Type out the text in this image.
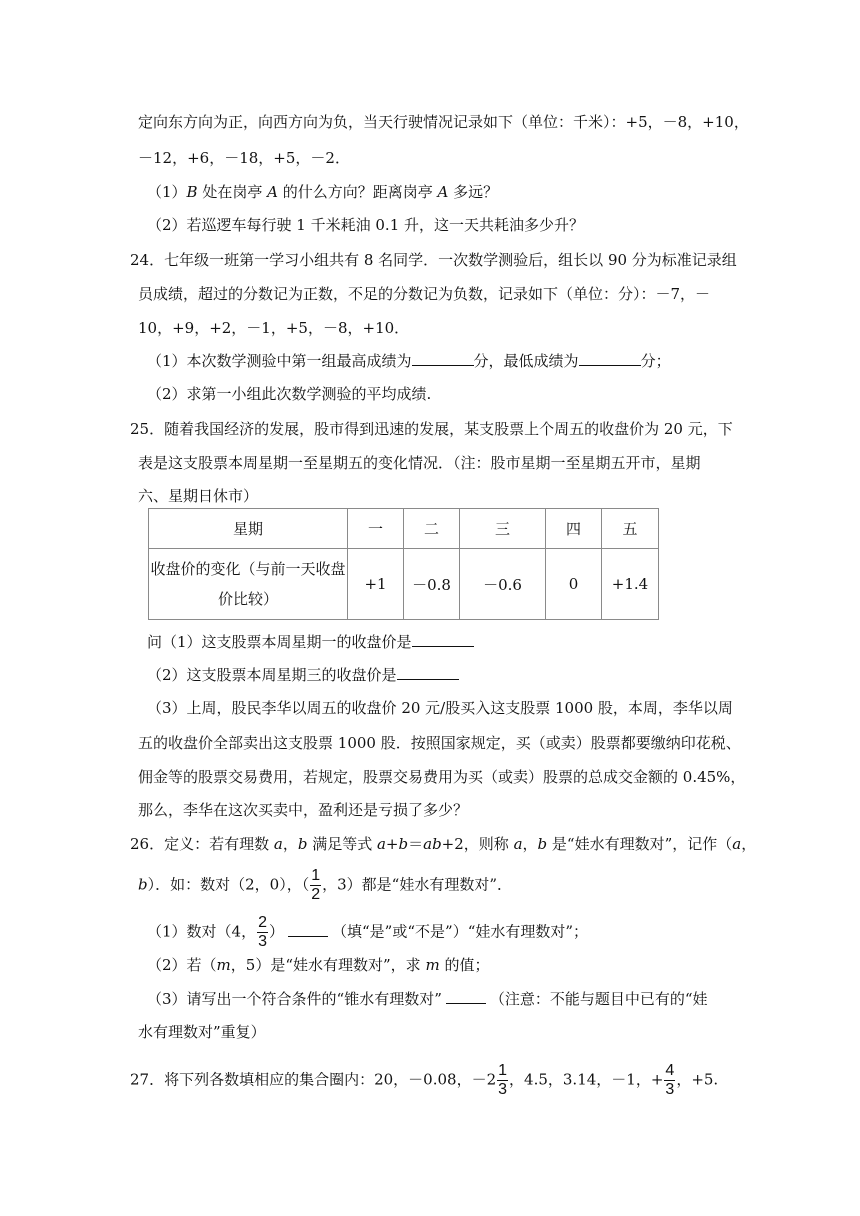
定向东方向为正，向西方向为负，当天行驶情况记录如下（单位：千米）：+5，－8，+10，
－12，+6，－18，+5，－2．
（1）B 处在岗亭 A 的什么方向？距离岗亭 A 多远？
（2）若巡逻车每行驶 1 千米耗油 0.1 升，这一天共耗油多少升？
24．七年级一班第一学习小组共有 8 名同学．一次数学测验后，组长以 90 分为标准记录组
员成绩，超过的分数记为正数，不足的分数记为负数，记录如下（单位：分）：－7，－
10，+9，+2，－1，+5，－8，+10．
（1）本次数学测验中第一组最高成绩为	分，最低成绩为	分；
（2）求第一小组此次数学测验的平均成绩.
25．随着我国经济的发展，股市得到迅速的发展，某支股票上个周五的收盘价为 20 元，下
表是这支股票本周星期一至星期五的变化情况．（注：股市星期一至星期五开市，星期
六、星期日休市）
星期	一	二	三	四	五

收盘价的变化（与前一天收盘
价比较）	+1	－0.8	－0.6	0	+1.4
问（1）这支股票本周星期一的收盘价是
（2）这支股票本周星期三的收盘价是
（3）上周，股民李华以周五的收盘价 20 元/股买入这支股票 1000 股，本周，李华以周
五的收盘价全部卖出这支股票 1000 股．按照国家规定，买（或卖）股票都要缴纳印花税、
佣金等的股票交易费用，若规定，股票交易费用为买（或卖）股票的总成交金额的 0.45%，
那么，李华在这次买卖中，盈利还是亏损了多少？
26．定义：若有理数 a，b 满足等式 a+b＝ab+2，则称 a，b 是“娃水有理数对”，记作（a，
b）．如：数对（2，0），（ $\frac{1}{2}$ ，3）都是“娃水有理数对”．
（1）数对（4， $\frac{2}{3}$ ）	（填“是”或“不是”）“娃水有理数对”；
（2）若（m，5）是“娃水有理数对”，求 m 的值；
（3）请写出一个符合条件的“锥水有理数对”	（注意：不能与题目中已有的“娃
水有理数对”重复）
27．将下列各数填相应的集合圈内：20，－0.08，$-2 \frac{1}{3}$ ，4.5，3.14，－1，+ $\frac{4}{3}$ ，+5.
